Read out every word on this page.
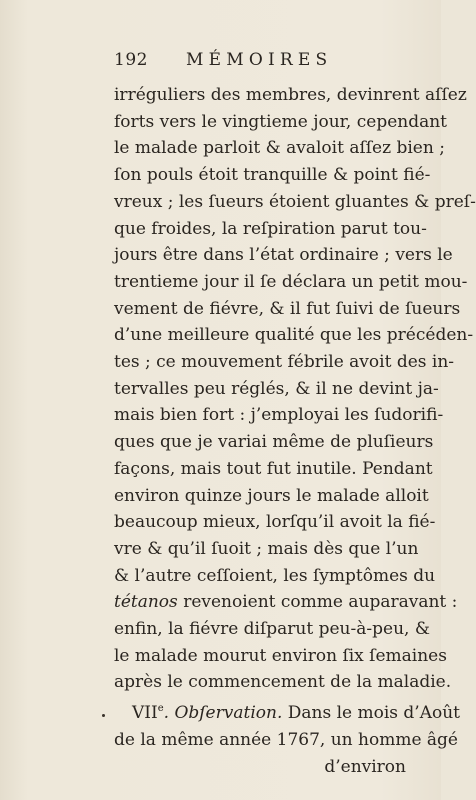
192 MÉMOIRES
irréguliers des membres, devinrent aſſez
forts vers le vingtieme jour, cependant
le malade parloit & avaloit aſſez bien ;
ſon pouls étoit tranquille & point fié-
vreux ; les ſueurs étoient gluantes & preſ-
que froides, la reſpiration parut tou-
jours être dans l’état ordinaire ; vers le
trentieme jour il ſe déclara un petit mou-
vement de fiévre, & il fut ſuivi de ſueurs
d’une meilleure qualité que les précéden-
tes ; ce mouvement fébrile avoit des in-
tervalles peu réglés, & il ne devint ja-
mais bien fort : j’employai les ſudorifi-
ques que je variai même de pluſieurs
façons, mais tout fut inutile. Pendant
environ quinze jours le malade alloit
beaucoup mieux, lorſqu’il avoit la fié-
vre & qu’il ſuoit ; mais dès que l’un
& l’autre ceſſoient, les ſymptômes du
tétanos revenoient comme auparavant :
enfin, la fiévre diſparut peu-à-peu, &
le malade mourut environ ſix ſemaines
après le commencement de la maladie.
VIIe. Obſervation. Dans le mois d’Août
de la même année 1767, un homme âgé
d’environ
